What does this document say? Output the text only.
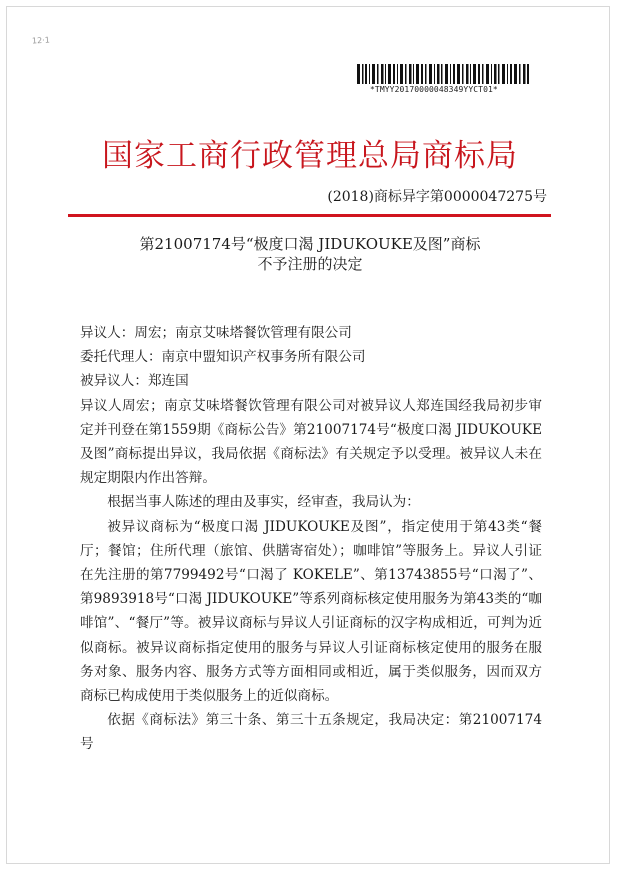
12·1
*TMYY20170000048349YYCT01*
国家工商行政管理总局商标局
(2018)商标异字第0000047275号
第21007174号“极度口渴 JIDUKOUKE及图”商标
不予注册的决定

异议人：周宏；南京艾味塔餐饮管理有限公司

委托代理人：南京中盟知识产权事务所有限公司

被异议人：郑连国

异议人周宏；南京艾味塔餐饮管理有限公司对被异议人郑连国经我局初步审定并刊登在第1559期《商标公告》第21007174号“极度口渴 JIDUKOUKE及图”商标提出异议，我局依据《商标法》有关规定予以受理。被异议人未在规定期限内作出答辩。

根据当事人陈述的理由及事实，经审查，我局认为：

被异议商标为“极度口渴 JIDUKOUKE及图”，指定使用于第43类“餐厅；餐馆；住所代理（旅馆、供膳寄宿处）；咖啡馆”等服务上。异议人引证在先注册的第7799492号“口渴了 KOKELE”、第13743855号“口渴了”、第9893918号“口渴 JIDUKOUKE”等系列商标核定使用服务为第43类的“咖啡馆”、“餐厅”等。被异议商标与异议人引证商标的汉字构成相近，可判为近似商标。被异议商标指定使用的服务与异议人引证商标核定使用的服务在服务对象、服务内容、服务方式等方面相同或相近，属于类似服务，因而双方商标已构成使用于类似服务上的近似商标。

依据《商标法》第三十条、第三十五条规定，我局决定：第21007174号
